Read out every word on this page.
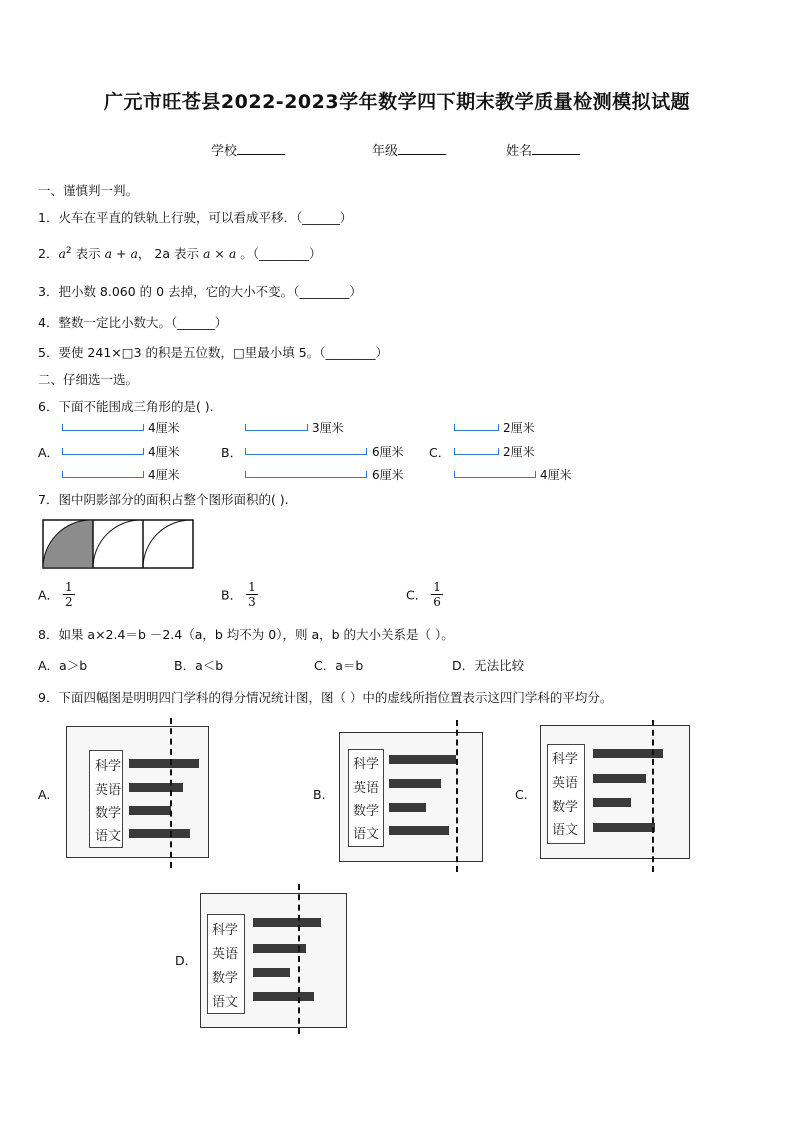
广元市旺苍县2022-2023学年数学四下期末教学质量检测模拟试题
学校	年级	姓名
一、谨慎判一判。
1．火车在平直的铁轨上行驶，可以看成平移．（______）
2．$a^2$ 表示 a + a， 2a 表示 a × a 。（________）
3．把小数 8.060 的 0 去掉，它的大小不变。（________）
4．整数一定比小数大。（______）
5．要使 241×□3 的积是五位数，□里最小填 5。（________）
二、仔细选一选。
6．下面不能围成三角形的是( ).
A．
4厘米
4厘米
4厘米
B．
3厘米
6厘米
6厘米
C．
2厘米
2厘米
4厘米
7．图中阴影部分的面积占整个图形面积的( ).
A． $\frac{1}{2}$	B． $\frac{1}{3}$	C． $\frac{1}{6}$
8．如果 a×2.4＝b －2.4（a，b 均不为 0），则 a，b 的大小关系是（ ）。
A．a＞b	B．a＜b	C．a＝b	D．无法比较
9．下面四幅图是明明四门学科的得分情况统计图，图（ ）中的虚线所指位置表示这四门学科的平均分。
A.
科学
英语
数学
语文
B.
科学
英语
数学
语文
C.
科学
英语
数学
语文
D.
科学
英语
数学
语文
